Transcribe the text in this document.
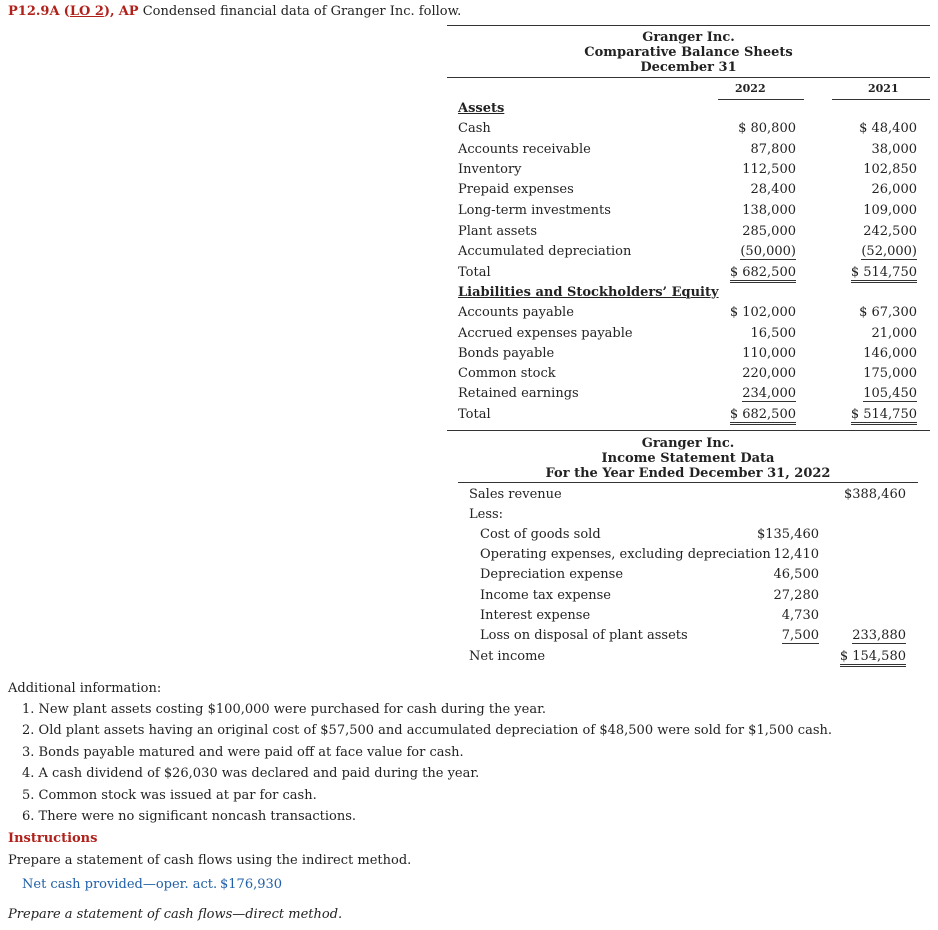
P12.9A (LO 2), AP Condensed financial data of Granger Inc. follow.
Granger Inc.
Comparative Balance Sheets
December 31
2022	2021
Assets
Cash	$ 80,800	$ 48,400
Accounts receivable	87,800	38,000
Inventory	112,500	102,850
Prepaid expenses	28,400	26,000
Long-term investments	138,000	109,000
Plant assets	285,000	242,500
Accumulated depreciation	(50,000)	(52,000)
Total	$ 682,500	$ 514,750
Liabilities and Stockholders’ Equity
Accounts payable	$ 102,000	$ 67,300
Accrued expenses payable	16,500	21,000
Bonds payable	110,000	146,000
Common stock	220,000	175,000
Retained earnings	234,000	105,450
Total	$ 682,500	$ 514,750
Granger Inc.
Income Statement Data
For the Year Ended December 31, 2022
Sales revenue	$388,460
Less:
Cost of goods sold	$135,460
Operating expenses, excluding depreciation 12,410
Depreciation expense	46,500
Income tax expense	27,280
Interest expense	4,730
Loss on disposal of plant assets	7,500	233,880
Net income	$ 154,580
Additional information:
1. New plant assets costing $100,000 were purchased for cash during the year.
2. Old plant assets having an original cost of $57,500 and accumulated depreciation of $48,500 were sold for $1,500 cash.
3. Bonds payable matured and were paid off at face value for cash.
4. A cash dividend of $26,030 was declared and paid during the year.
5. Common stock was issued at par for cash.
6. There were no significant noncash transactions.
Instructions
Prepare a statement of cash flows using the indirect method.
Net cash provided—oper. act. $176,930
Prepare a statement of cash flows—direct method.
